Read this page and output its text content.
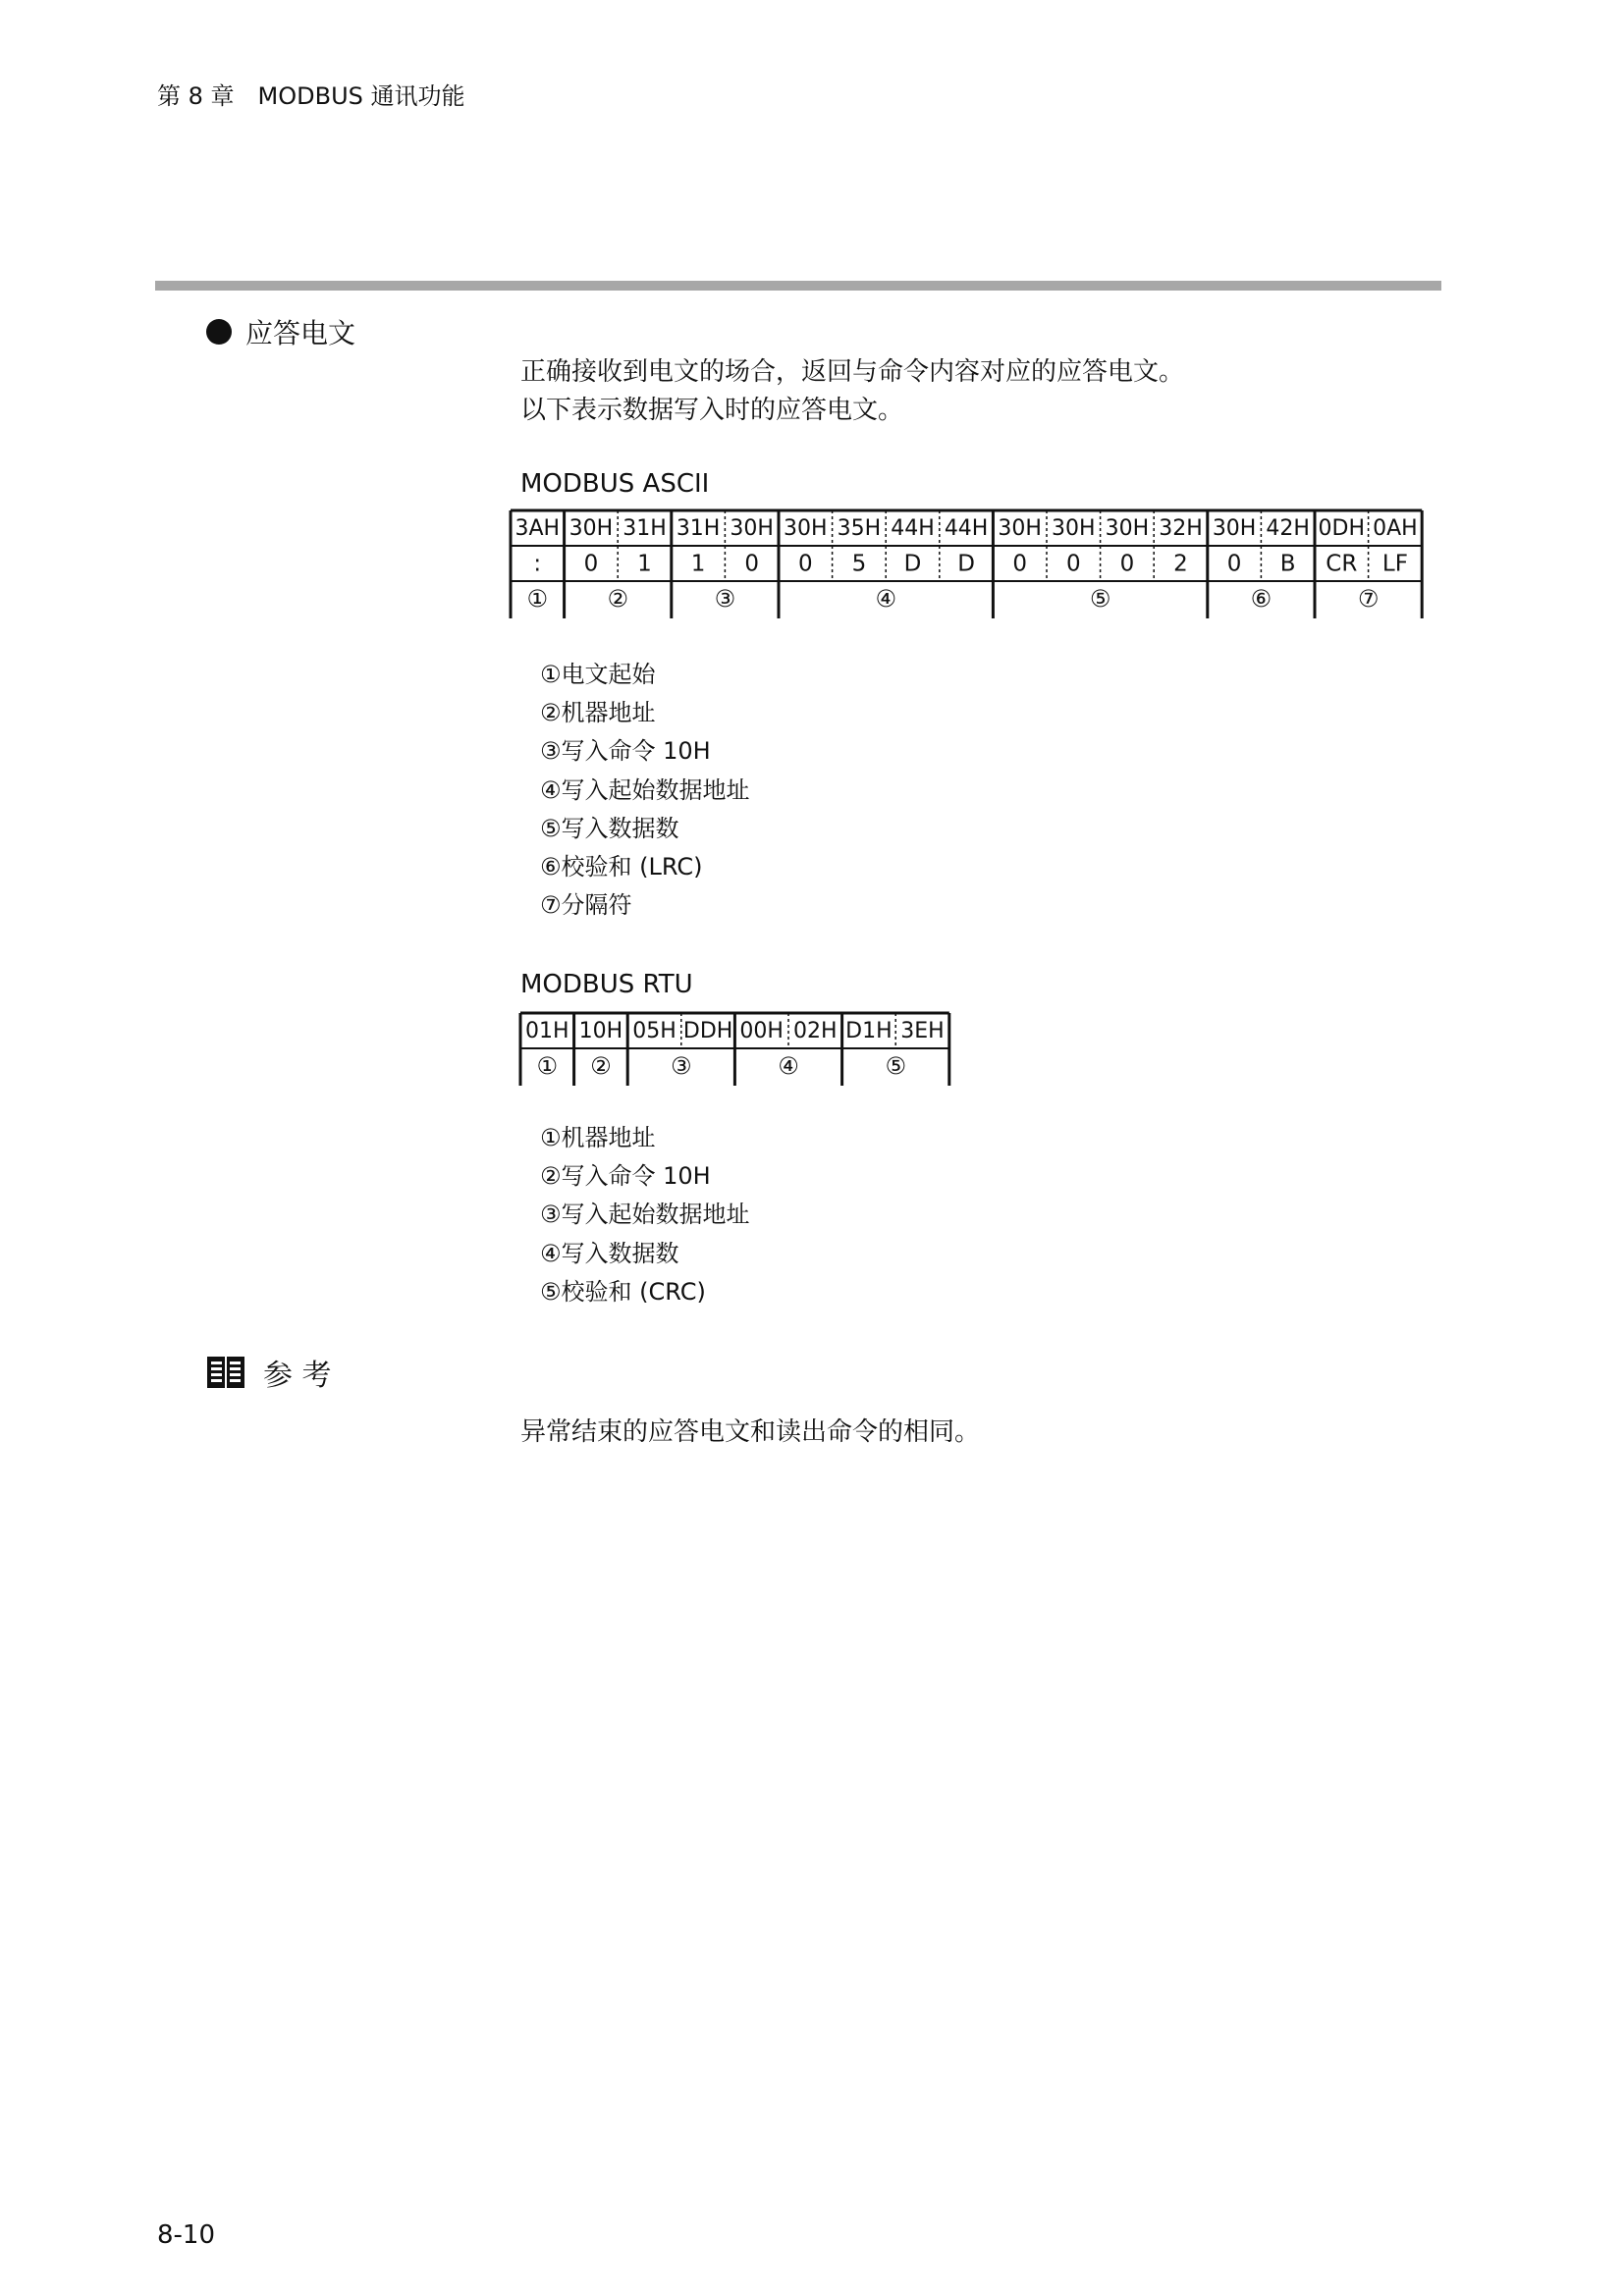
第 8 章　MODBUS 通讯功能
应答电文
正确接收到电文的场合，返回与命令内容对应的应答电文。
以下表示数据写入时的应答电文。
MODBUS ASCII
3AH 30H 31H 31H 30H 30H 35H 44H 44H 30H 30H 30H 32H 30H 42H 0DH 0AH
: 0 1 1 0 0 5 D D 0 0 0 2 0 B CR LF
①	②	③	④	⑤	⑥	⑦
①电文起始
②机器地址
③写入命令 10H
④写入起始数据地址
⑤写入数据数
⑥校验和 (LRC)
⑦分隔符
MODBUS RTU
01H 10H 05H DDH 00H 02H D1H 3EH
① ②	③	④	⑤
①机器地址
②写入命令 10H
③写入起始数据地址
④写入数据数
⑤校验和 (CRC)
参 考
异常结束的应答电文和读出命令的相同。
8-10
